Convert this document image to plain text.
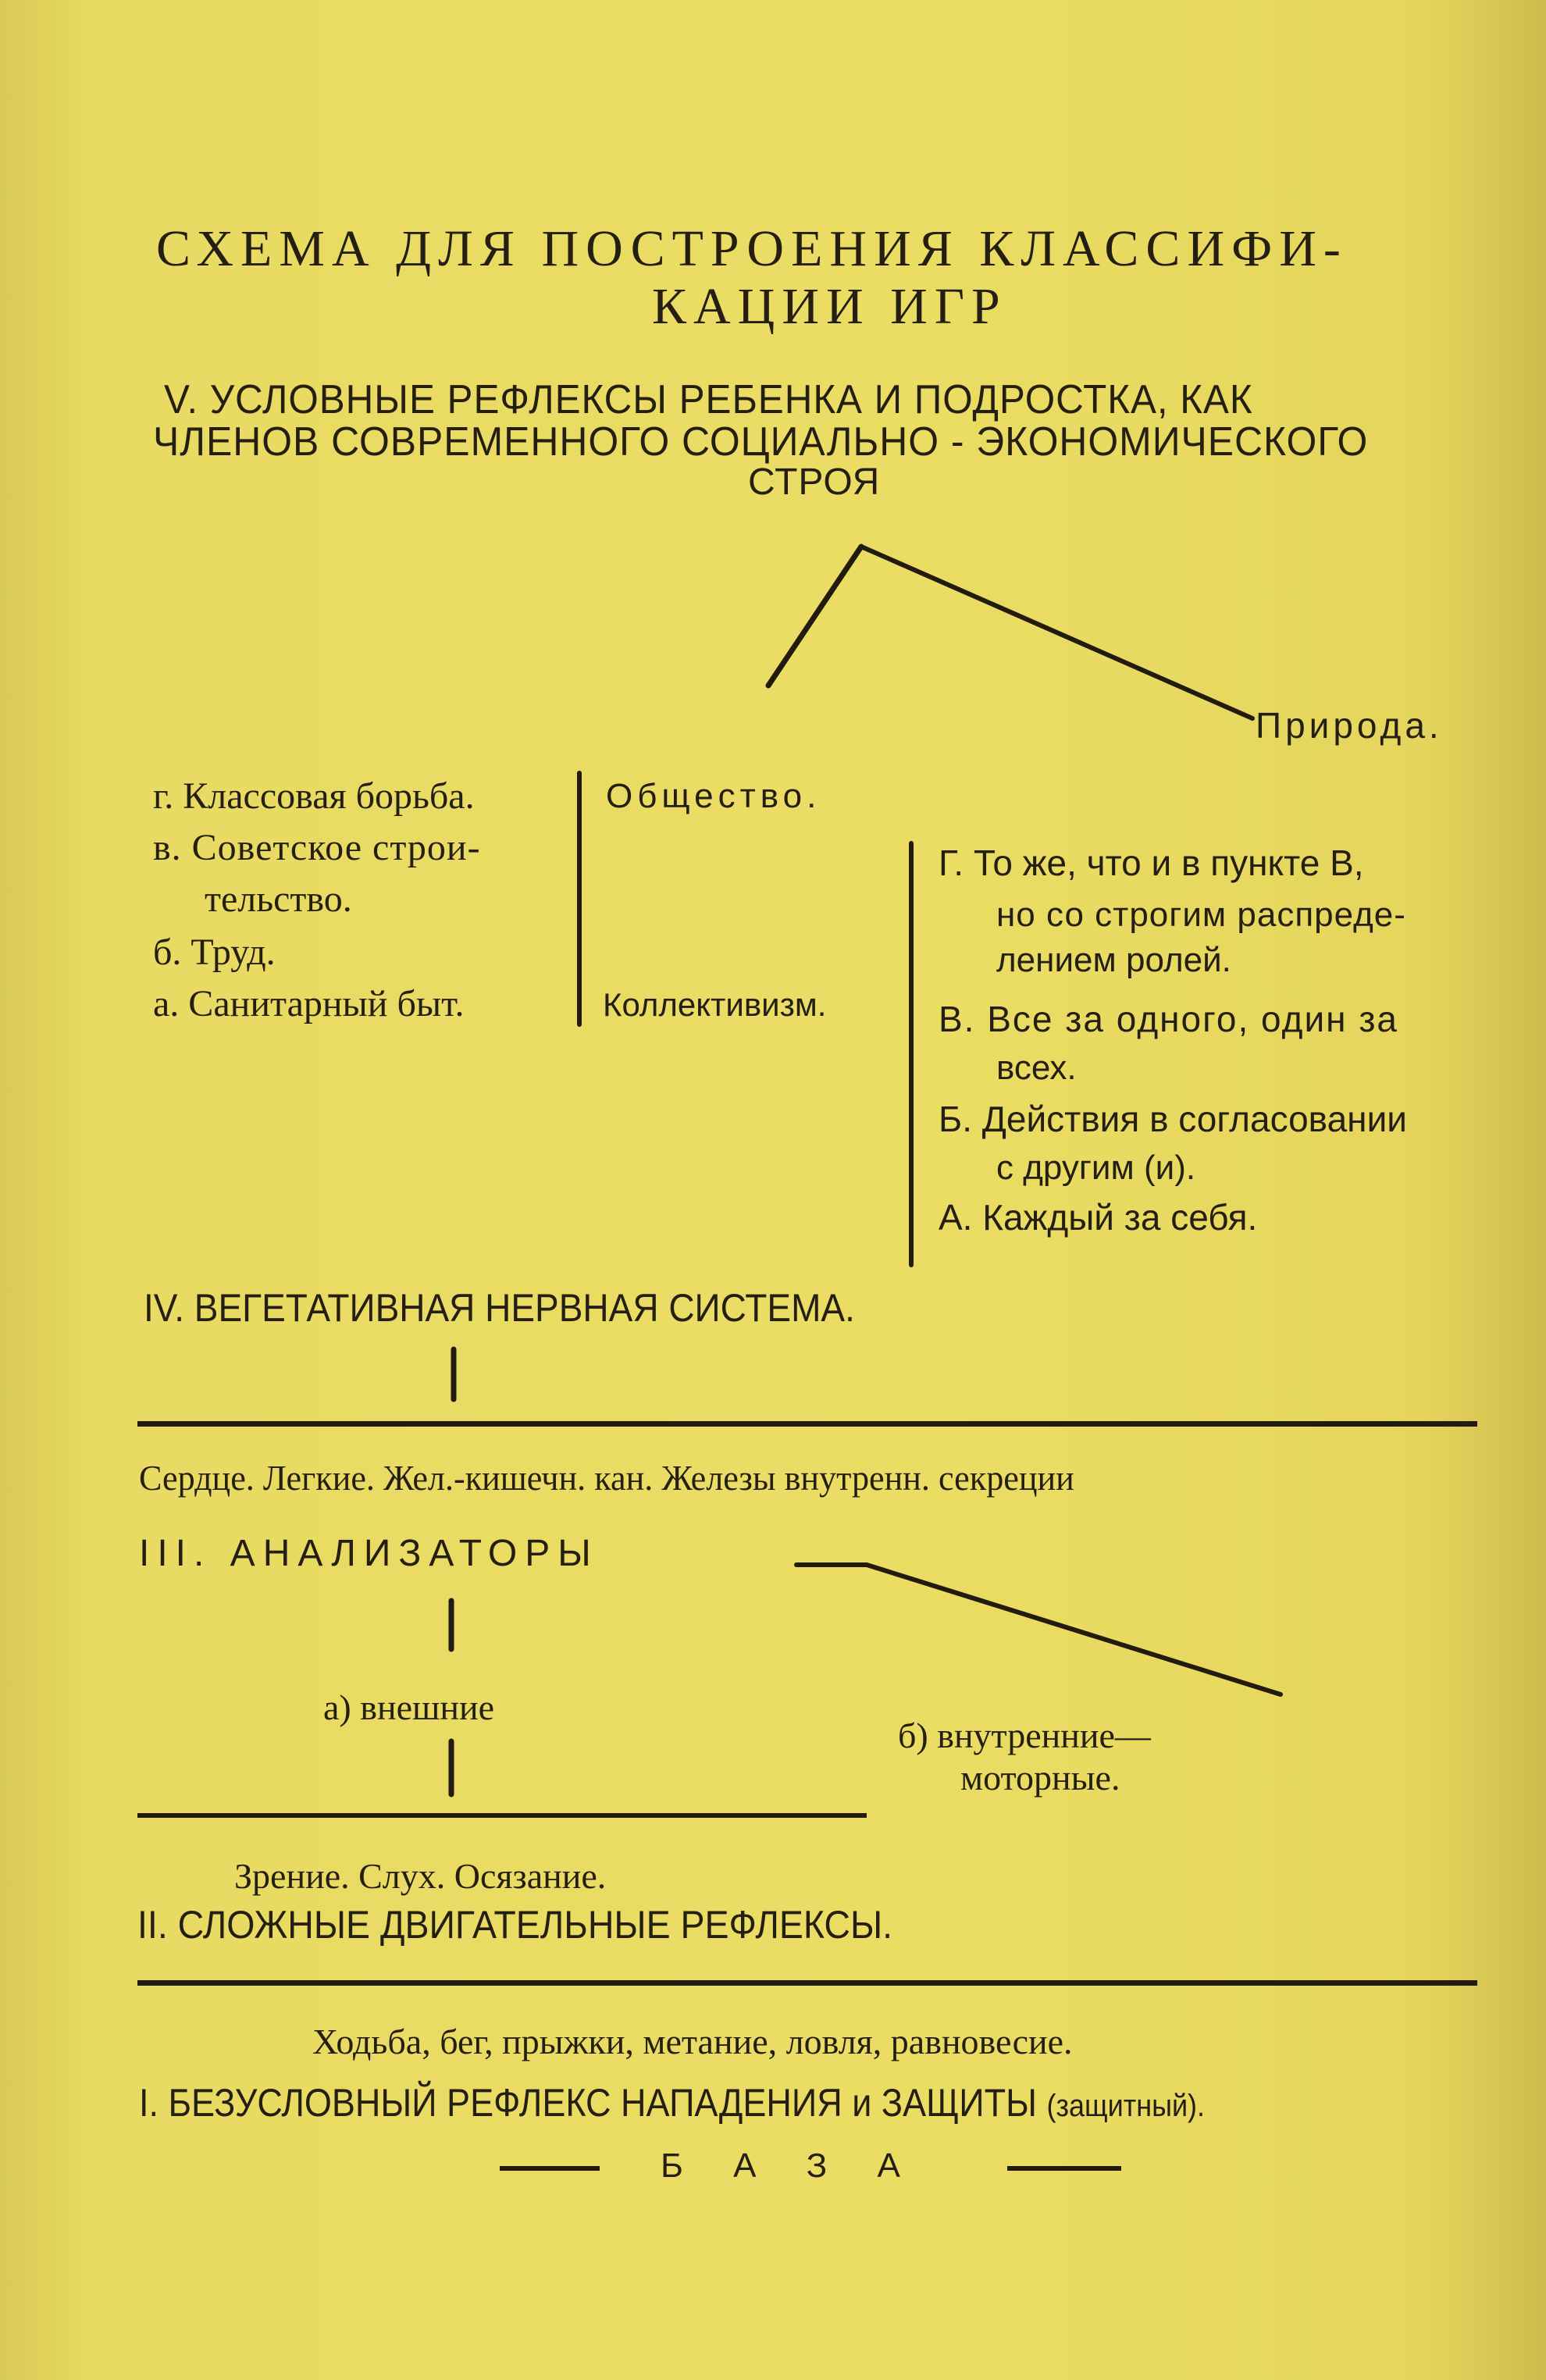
СХЕМА ДЛЯ ПОСТРОЕНИЯ КЛАССИФИ-
КАЦИИ ИГР
V. УСЛОВНЫЕ РЕФЛЕКСЫ РЕБЕНКА И ПОДРОСТКА, КАК
ЧЛЕНОВ СОВРЕМЕННОГО СОЦИАЛЬНО - ЭКОНОМИЧЕСКОГО
СТРОЯ
Природа.
г. Классовая борьба.
в. Советское строи-
тельство.
б. Труд.
а. Санитарный быт.
Общество.
Коллективизм.
Г. То же, что и в пункте В,
но со строгим распреде-
лением ролей.
В. Все за одного, один за
всех.
Б. Действия в согласовании
с другим (и).
А. Каждый за себя.
IV. ВЕГЕТАТИВНАЯ НЕРВНАЯ СИСТЕМА.
Сердце. Легкие. Жел.-кишечн. кан. Железы внутренн. секреции
III. АНАЛИЗАТОРЫ
а) внешние
б) внутренние—
моторные.
Зрение. Слух. Осязание.
II. СЛОЖНЫЕ ДВИГАТЕЛЬНЫЕ РЕФЛЕКСЫ.
Ходьба, бег, прыжки, метание, ловля, равновесие.
I. БЕЗУСЛОВНЫЙ РЕФЛЕКС НАПАДЕНИЯ и ЗАЩИТЫ (защитный).
Б А З А
